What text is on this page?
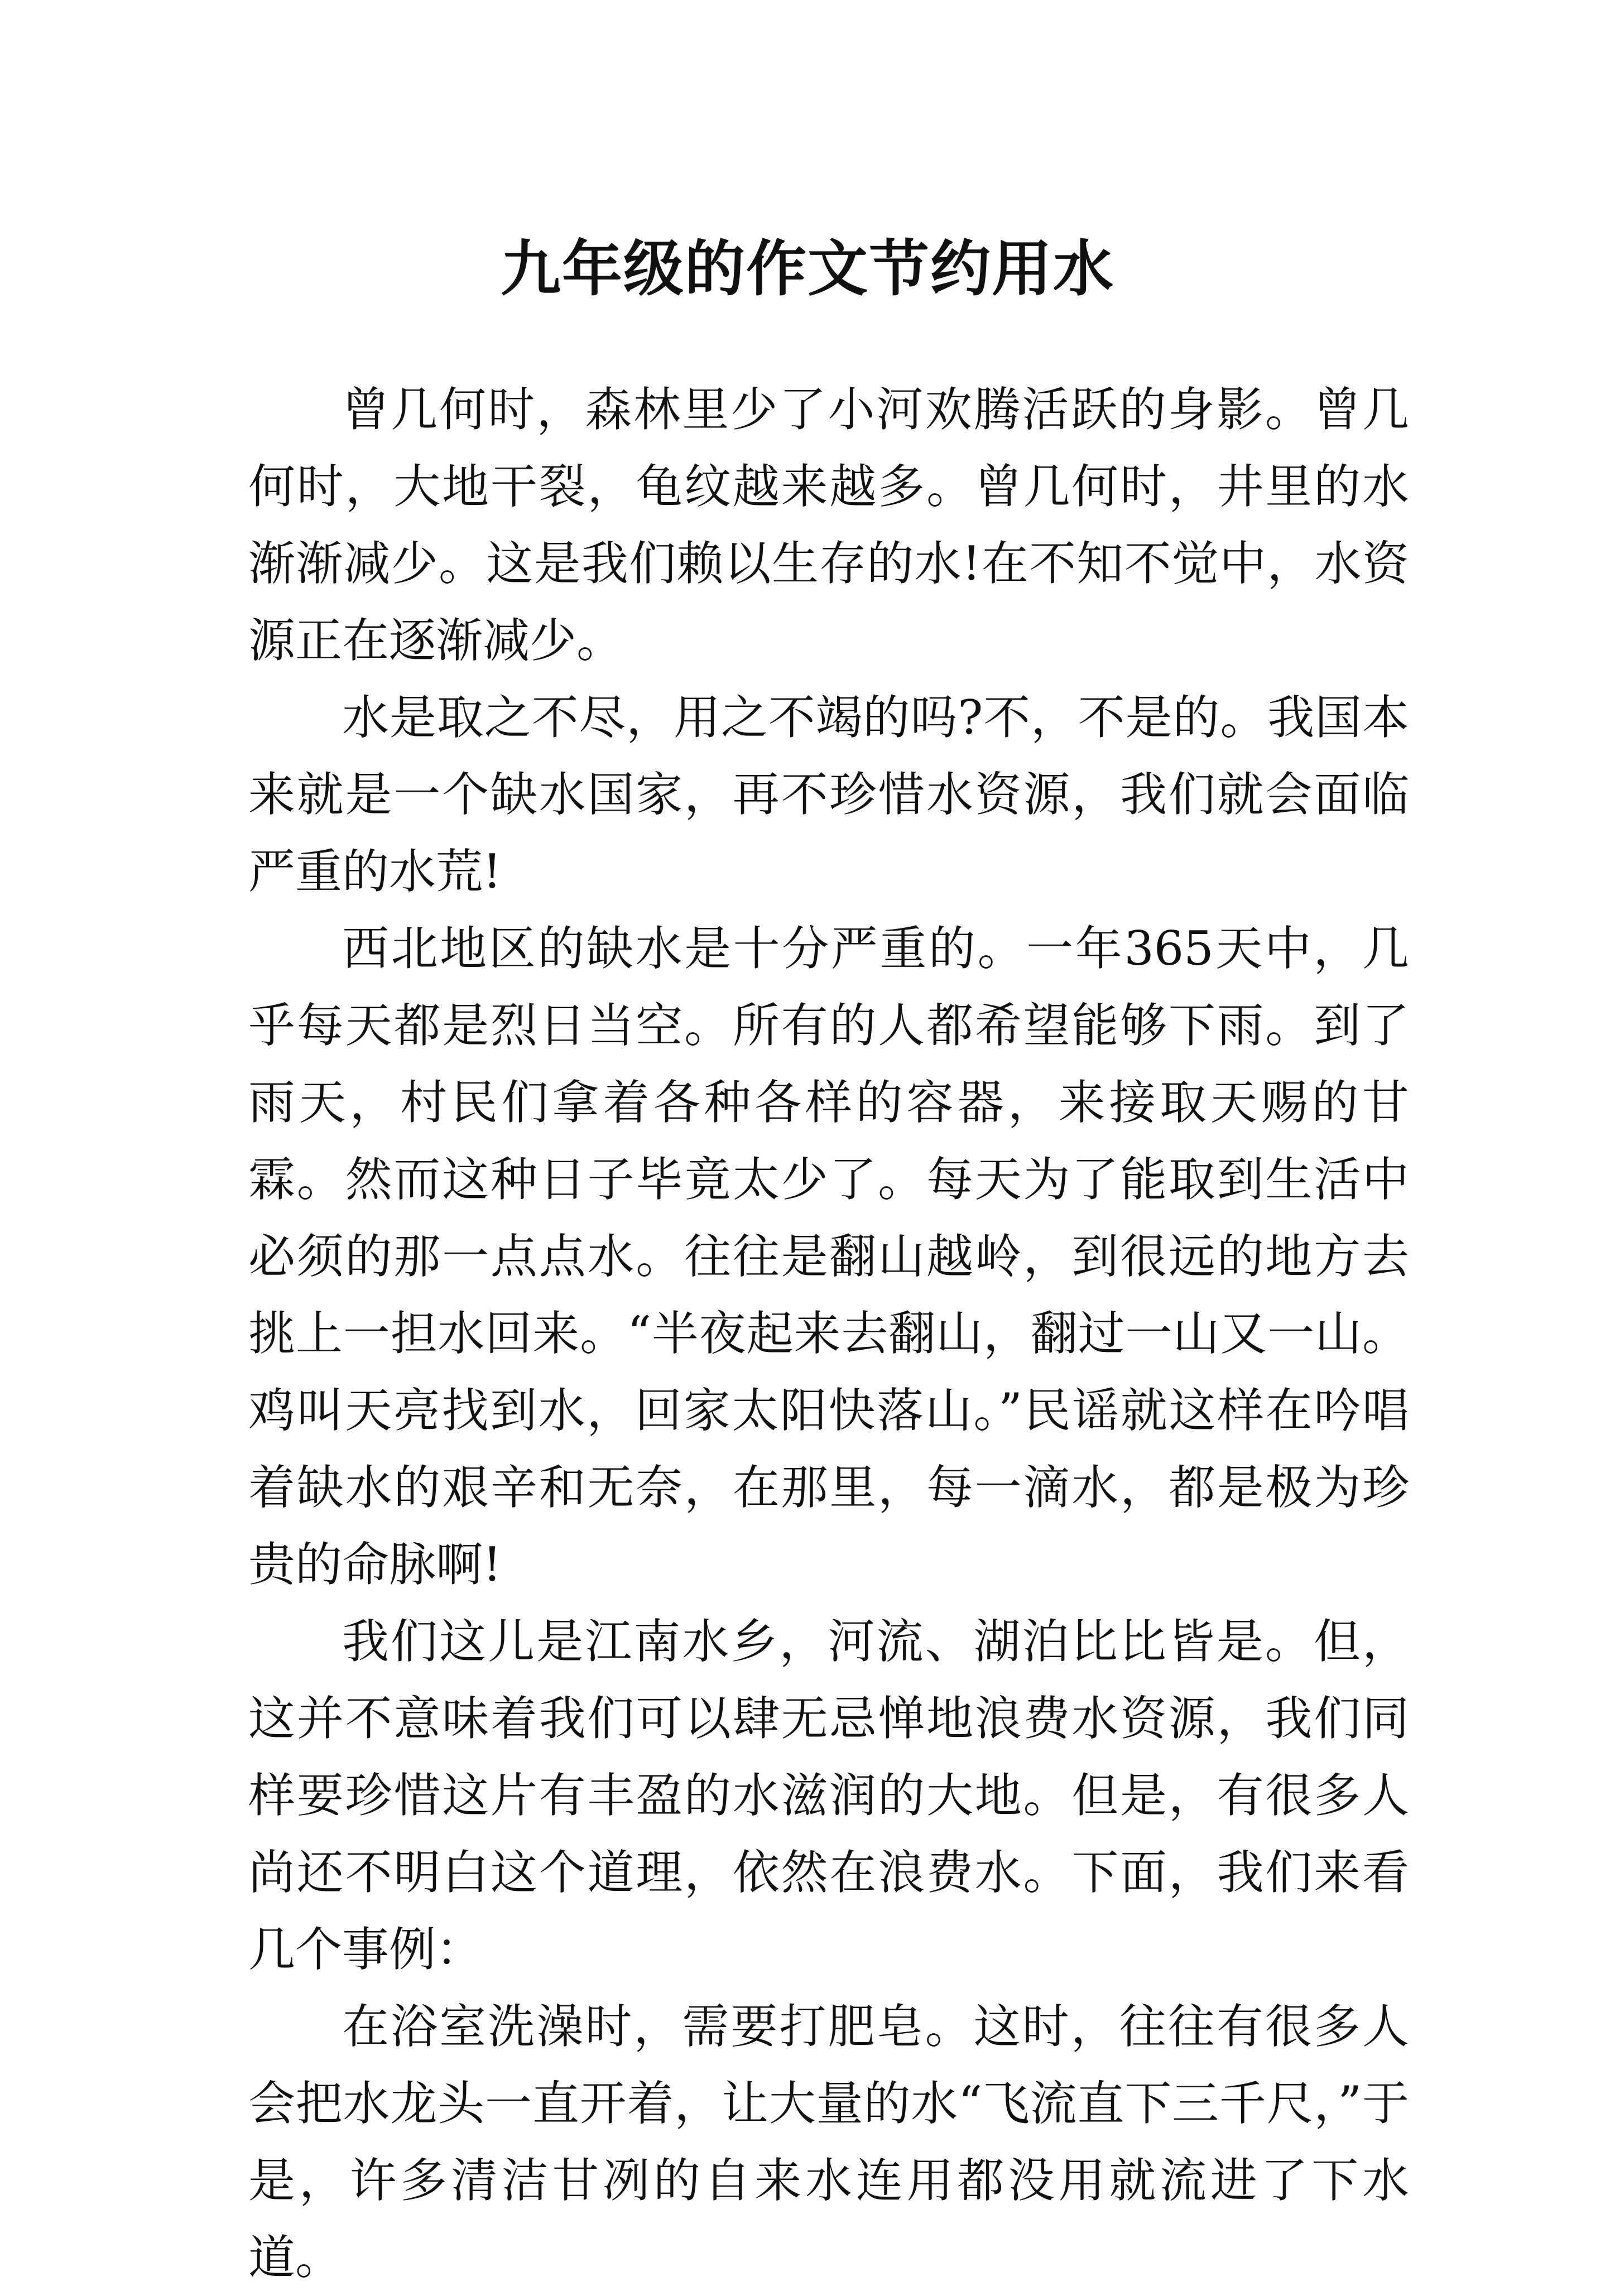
九年级的作文节约用水

曾几何时，森林里少了小河欢腾活跃的身影。曾几何时，大地干裂，龟纹越来越多。曾几何时，井里的水渐渐减少。这是我们赖以生存的水!在不知不觉中，水资源正在逐渐减少。

水是取之不尽，用之不竭的吗?不，不是的。我国本来就是一个缺水国家，再不珍惜水资源，我们就会面临严重的水荒!

西北地区的缺水是十分严重的。一年365天中，几乎每天都是烈日当空。所有的人都希望能够下雨。到了雨天，村民们拿着各种各样的容器，来接取天赐的甘霖。然而这种日子毕竟太少了。每天为了能取到生活中必须的那一点点水。往往是翻山越岭，到很远的地方去挑上一担水回来。“半夜起来去翻山，翻过一山又一山。鸡叫天亮找到水，回家太阳快落山。”民谣就这样在吟唱着缺水的艰辛和无奈，在那里，每一滴水，都是极为珍贵的命脉啊!

我们这儿是江南水乡，河流、湖泊比比皆是。但，这并不意味着我们可以肆无忌惮地浪费水资源，我们同样要珍惜这片有丰盈的水滋润的大地。但是，有很多人尚还不明白这个道理，依然在浪费水。下面，我们来看几个事例：

在浴室洗澡时，需要打肥皂。这时，往往有很多人会把水龙头一直开着，让大量的水“飞流直下三千尺，”于是，许多清洁甘冽的自来水连用都没用就流进了下水道。
